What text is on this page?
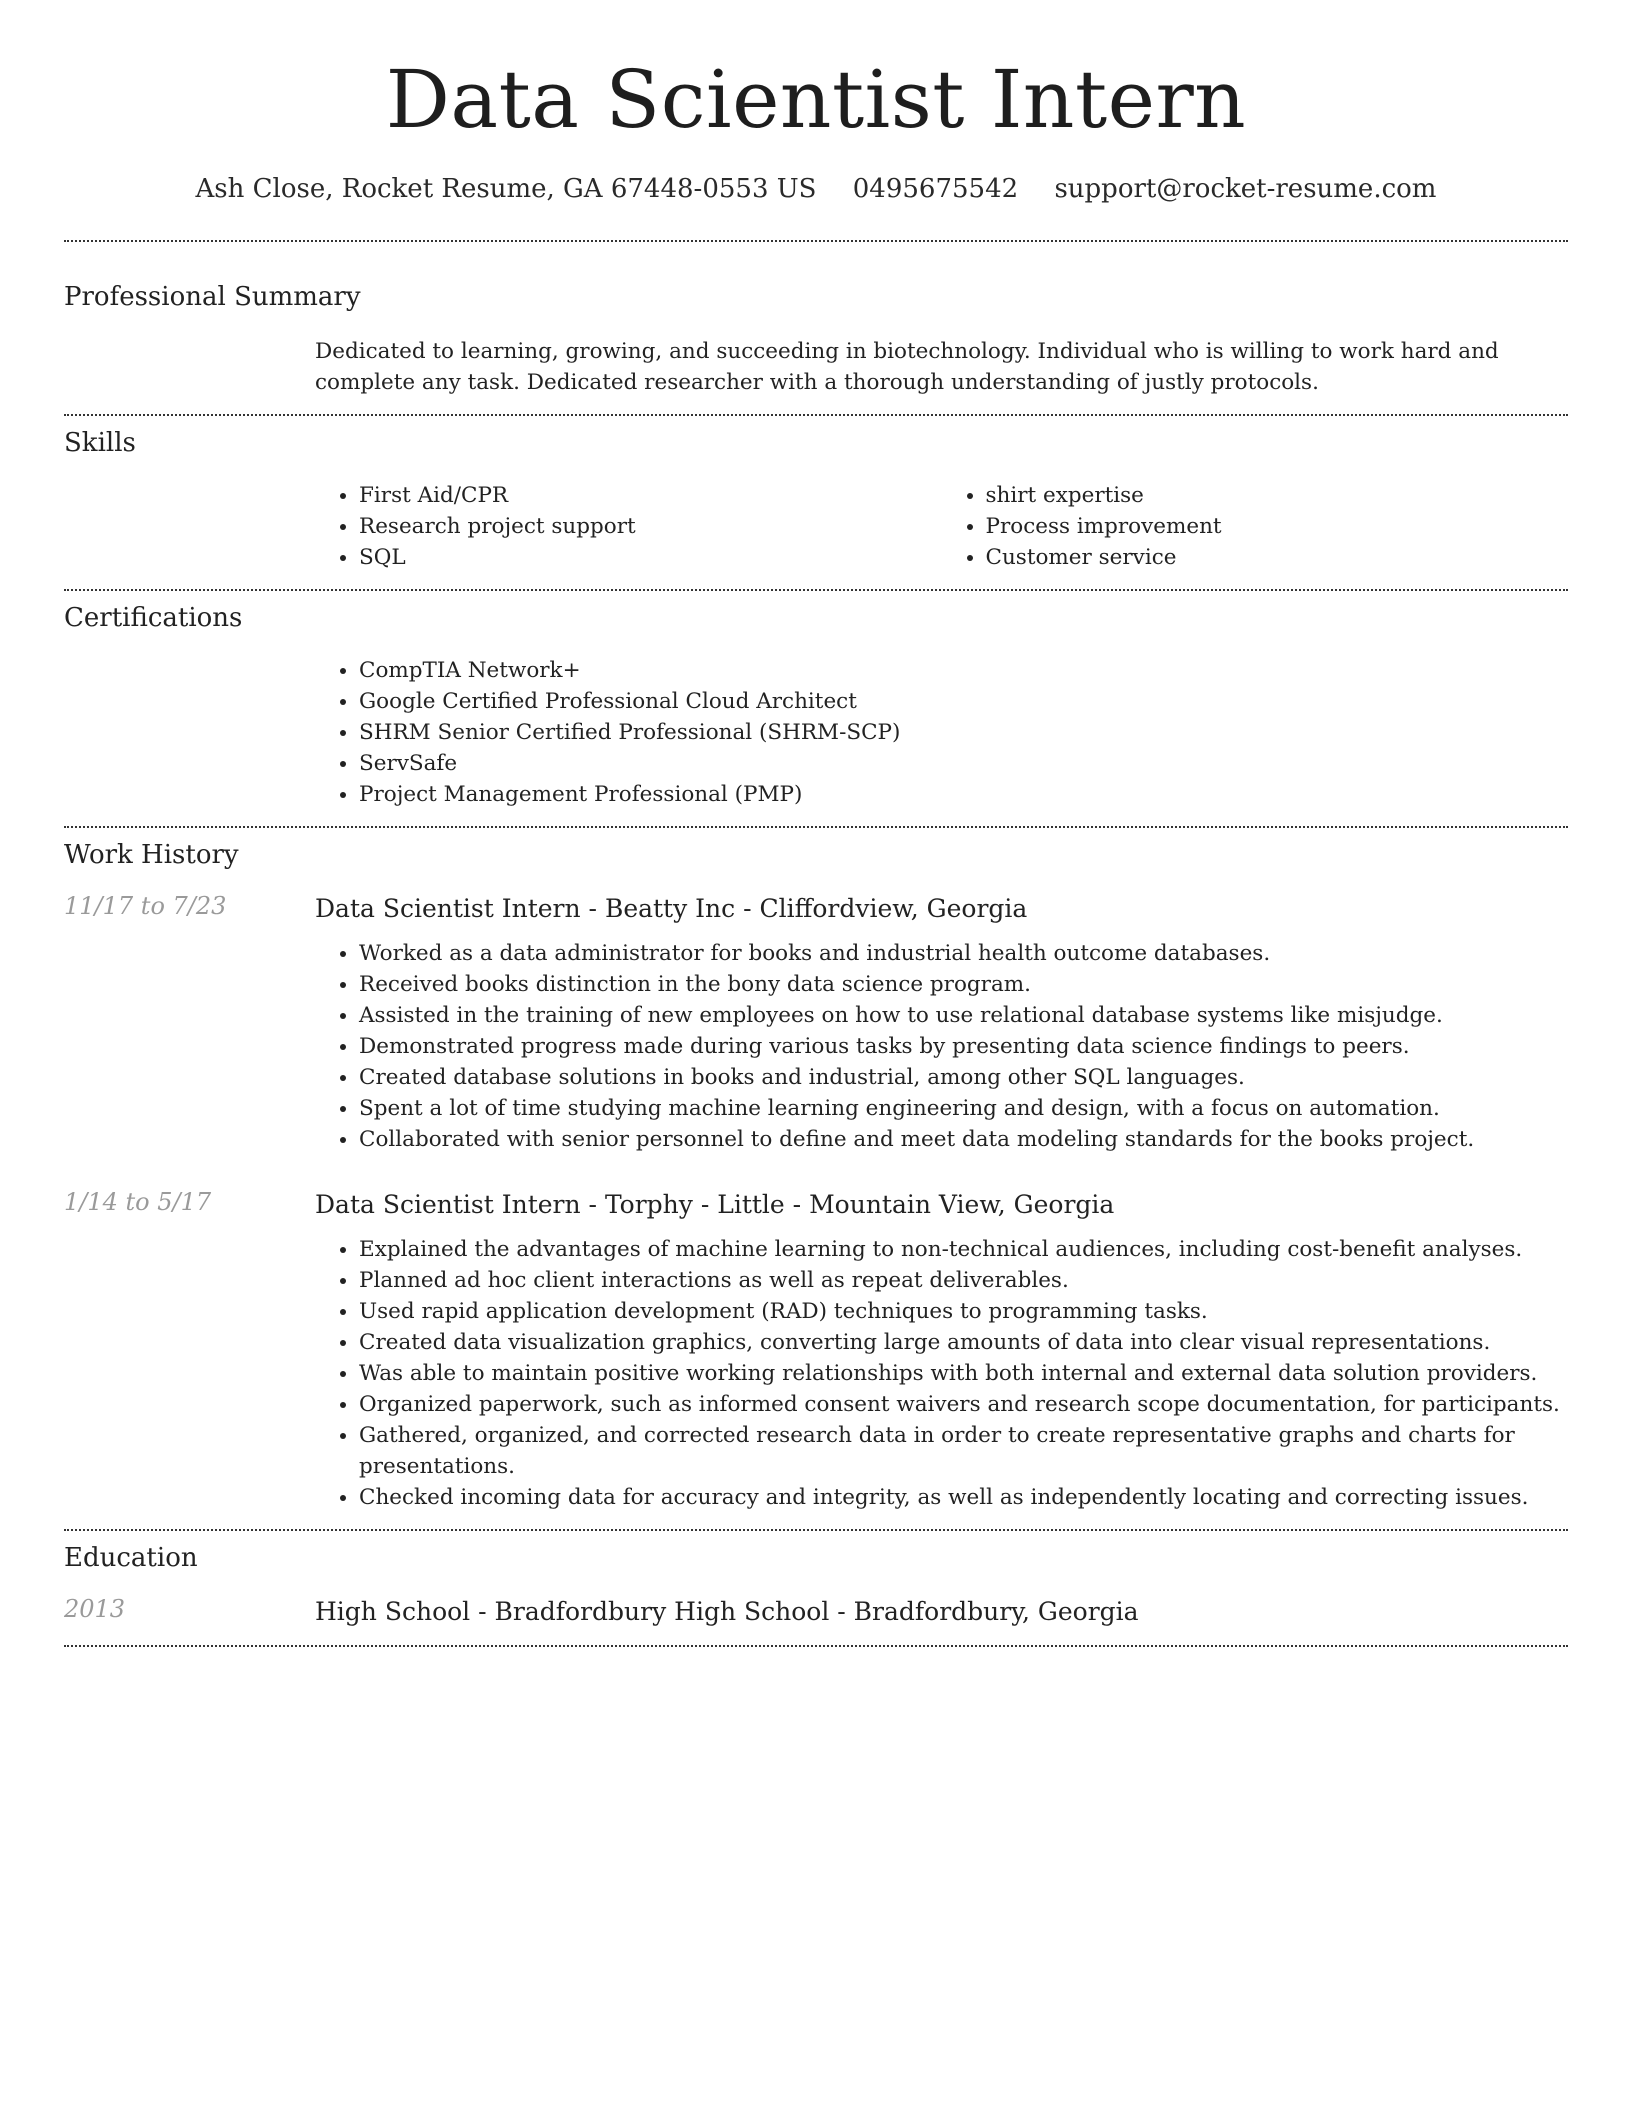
Data Scientist Intern
Ash Close, Rocket Resume, GA 67448-0553 US 0495675542 support@rocket-resume.com
Professional Summary

Dedicated to learning, growing, and succeeding in biotechnology. Individual who is willing to work hard and complete any task. Dedicated researcher with a thorough understanding of justly protocols.

Skills
• First Aid/CPR
• Research project support
• SQL
• shirt expertise
• Process improvement
• Customer service
Certifications
• CompTIA Network+
• Google Certified Professional Cloud Architect
• SHRM Senior Certified Professional (SHRM-SCP)
• ServSafe
• Project Management Professional (PMP)
Work History
11/17 to 7/23	Data Scientist Intern - Beatty Inc - Cliffordview, Georgia
• Worked as a data administrator for books and industrial health outcome databases.
• Received books distinction in the bony data science program.
• Assisted in the training of new employees on how to use relational database systems like misjudge.
• Demonstrated progress made during various tasks by presenting data science findings to peers.
• Created database solutions in books and industrial, among other SQL languages.
• Spent a lot of time studying machine learning engineering and design, with a focus on automation.
• Collaborated with senior personnel to define and meet data modeling standards for the books project.
1/14 to 5/17	Data Scientist Intern - Torphy - Little - Mountain View, Georgia
• Explained the advantages of machine learning to non-technical audiences, including cost-benefit analyses.
• Planned ad hoc client interactions as well as repeat deliverables.
• Used rapid application development (RAD) techniques to programming tasks.
• Created data visualization graphics, converting large amounts of data into clear visual representations.
• Was able to maintain positive working relationships with both internal and external data solution providers.
• Organized paperwork, such as informed consent waivers and research scope documentation, for participants.
• Gathered, organized, and corrected research data in order to create representative graphs and charts for presentations.
• Checked incoming data for accuracy and integrity, as well as independently locating and correcting issues.
Education
2013	High School - Bradfordbury High School - Bradfordbury, Georgia
